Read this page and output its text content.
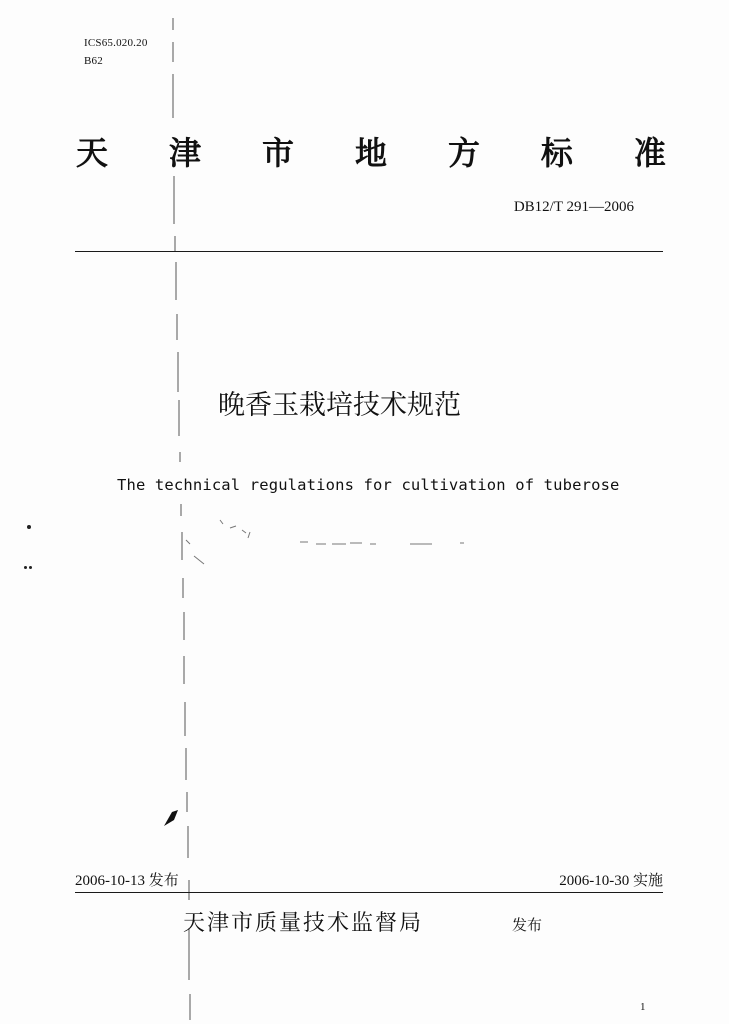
ICS65.020.20
B62
天 津 市 地 方 标 准
DB12/T 291—2006
晚香玉栽培技术规范
The technical regulations for cultivation of tuberose
2006-10-13 发布	2006-10-30 实施
天津市质量技术监督局	发布
1
